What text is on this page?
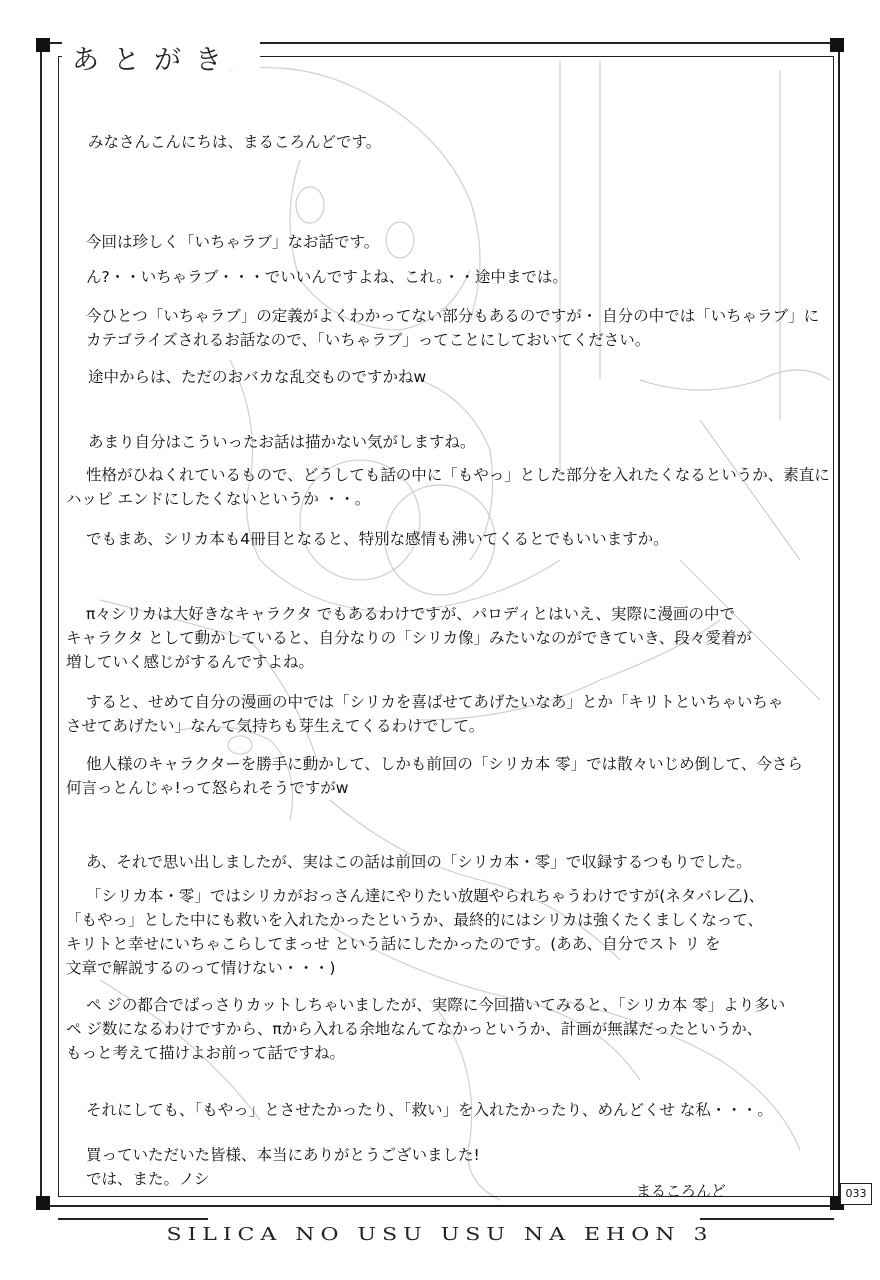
あとがき

みなさんこんにちは、まるころんどです。

今回は珍しく「いちゃラブ」なお話です。

ん?・・いちゃラブ・・・でいいんですよね、これ。・・途中までは。

今ひとつ「いちゃラブ」の定義がよくわかってない部分もあるのですが・ 自分の中では「いちゃラブ」に

カテゴライズされるお話なので、「いちゃラブ」ってことにしておいてください。

途中からは、ただのおバカな乱交ものですかねw

あまり自分はこういったお話は描かない気がしますね。

性格がひねくれているもので、どうしても話の中に「もやっ」とした部分を入れたくなるというか、素直に

ハッピ エンドにしたくないというか ・・。

でもまあ、シリカ本も4冊目となると、特別な感情も沸いてくるとでもいいますか。

π々シリカは大好きなキャラクタ でもあるわけですが、パロディとはいえ、実際に漫画の中で

キャラクタ として動かしていると、自分なりの「シリカ像」みたいなのができていき、段々愛着が

増していく感じがするんですよね。

すると、せめて自分の漫画の中では「シリカを喜ばせてあげたいなあ」とか「キリトといちゃいちゃ

させてあげたい」なんて気持ちも芽生えてくるわけでして。

他人様のキャラクターを勝手に動かして、しかも前回の「シリカ本 零」では散々いじめ倒して、今さら

何言っとんじゃ!って怒られそうですがw

あ、それで思い出しましたが、実はこの話は前回の「シリカ本・零」で収録するつもりでした。

「シリカ本・零」ではシリカがおっさん達にやりたい放題やられちゃうわけですが(ネタバレ乙)、

「もやっ」とした中にも救いを入れたかったというか、最終的にはシリカは強くたくましくなって、

キリトと幸せにいちゃこらしてまっせ という話にしたかったのです。(ああ、自分でスト リ を

文章で解説するのって情けない・・・)

ペ ジの都合でばっさりカットしちゃいましたが、実際に今回描いてみると、「シリカ本 零」より多い

ペ ジ数になるわけですから、πから入れる余地なんてなかっというか、計画が無謀だったというか、

もっと考えて描けよお前って話ですね。

それにしても、「もやっ」とさせたかったり、「救い」を入れたかったり、めんどくせ な私・・・。

買っていただいた皆様、本当にありがとうございました!

では、また。ノシ

まるころんど	033
SILICA NO USU USU NA EHON 3
